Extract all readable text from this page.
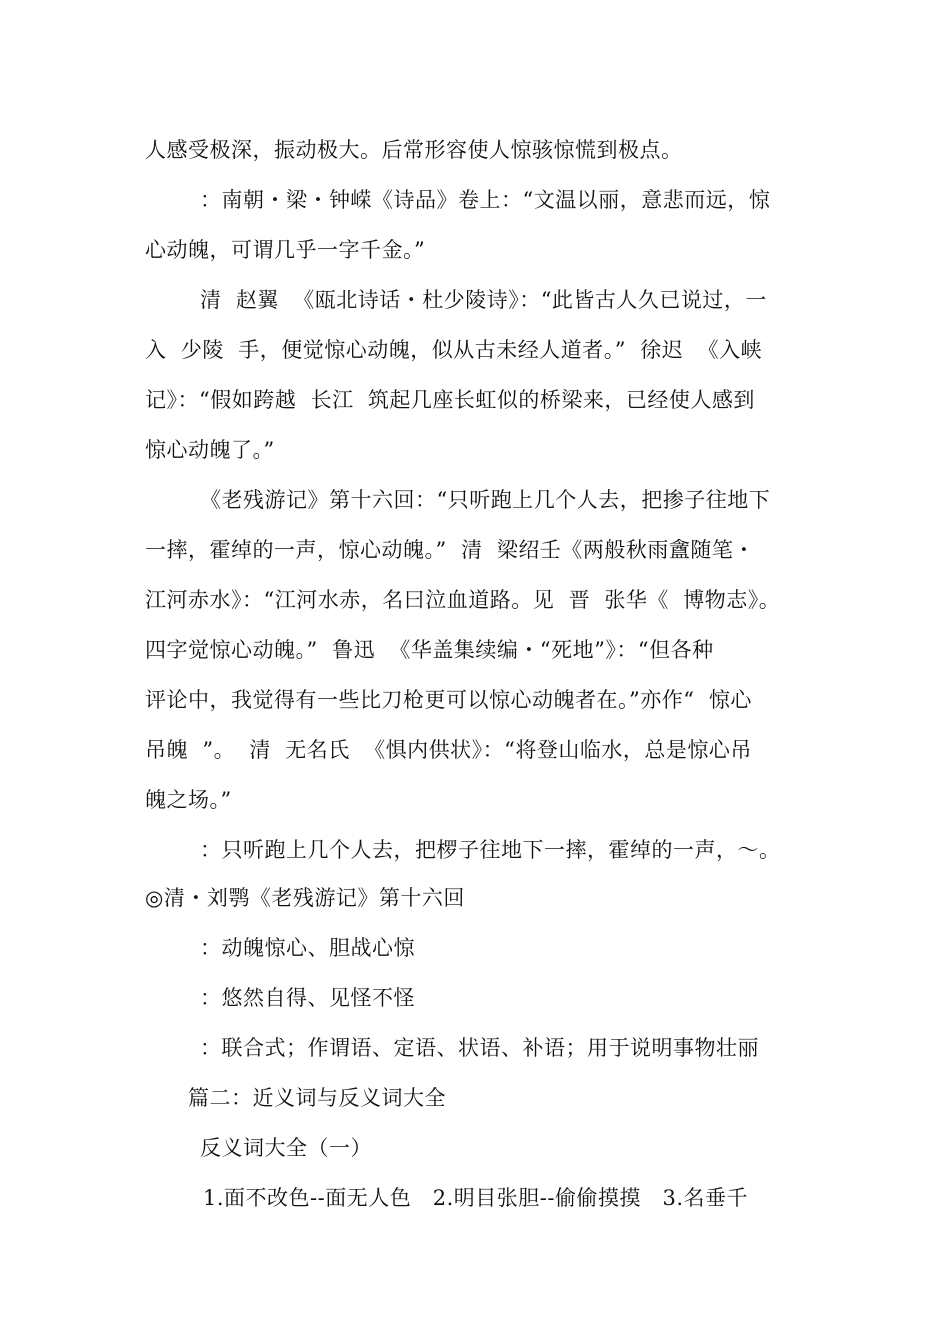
人感受极深，振动极大。后常形容使人惊骇惊慌到极点。
：南朝・梁・钟嵘《诗品》卷上：“文温以丽，意悲而远，惊
心动魄，可谓几乎一字千金。”
清  赵翼  《瓯北诗话・杜少陵诗》：“此皆古人久已说过，一
入  少陵  手，便觉惊心动魄，似从古未经人道者。”  徐迟  《入峡
记》：“假如跨越  长江  筑起几座长虹似的桥梁来，已经使人感到
惊心动魄了。”
《老残游记》第十六回：“只听跑上几个人去，把掺子往地下
一摔，霍绰的一声，惊心动魄。”  清  梁绍壬《两般秋雨盦随笔・
江河赤水》：“江河水赤，名曰泣血道路。见  晋  张华《  博物志》。
四字觉惊心动魄。”  鲁迅  《华盖集续编・“死地”》：“但各种
评论中，我觉得有一些比刀枪更可以惊心动魄者在。”亦作“  惊心
吊魄  ”。  清  无名氏  《惧内供状》：“将登山临水，总是惊心吊
魄之场。”
：只听跑上几个人去，把椤子往地下一摔，霍绰的一声，～。
◎清・刘鹗《老残游记》第十六回
：动魄惊心、胆战心惊
：悠然自得、见怪不怪
：联合式；作谓语、定语、状语、补语；用于说明事物壮丽
篇二：近义词与反义词大全
反义词大全（一）
1.面不改色--面无人色   2.明目张胆--偷偷摸摸   3.名垂千
